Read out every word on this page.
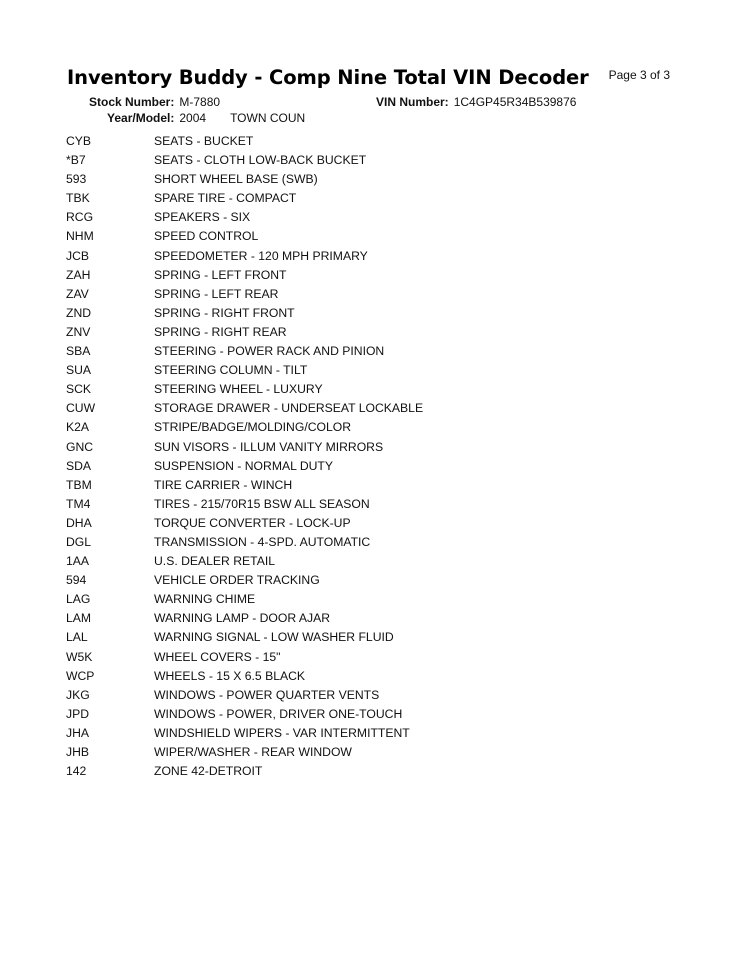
Inventory Buddy - Comp Nine Total VIN Decoder Page 3 of 3
Stock Number: M-7880	VIN Number: 1C4GP45R34B539876
Year/Model: 2004 TOWN COUN
CYB	SEATS - BUCKET
*B7	SEATS - CLOTH LOW-BACK BUCKET
593	SHORT WHEEL BASE (SWB)
TBK	SPARE TIRE - COMPACT
RCG	SPEAKERS - SIX
NHM	SPEED CONTROL
JCB	SPEEDOMETER - 120 MPH PRIMARY
ZAH	SPRING - LEFT FRONT
ZAV	SPRING - LEFT REAR
ZND	SPRING - RIGHT FRONT
ZNV	SPRING - RIGHT REAR
SBA	STEERING - POWER RACK AND PINION
SUA	STEERING COLUMN - TILT
SCK	STEERING WHEEL - LUXURY
CUW	STORAGE DRAWER - UNDERSEAT LOCKABLE
K2A	STRIPE/BADGE/MOLDING/COLOR
GNC	SUN VISORS - ILLUM VANITY MIRRORS
SDA	SUSPENSION - NORMAL DUTY
TBM	TIRE CARRIER - WINCH
TM4	TIRES - 215/70R15 BSW ALL SEASON
DHA	TORQUE CONVERTER - LOCK-UP
DGL	TRANSMISSION - 4-SPD. AUTOMATIC
1AA	U.S. DEALER RETAIL
594	VEHICLE ORDER TRACKING
LAG	WARNING CHIME
LAM	WARNING LAMP - DOOR AJAR
LAL	WARNING SIGNAL - LOW WASHER FLUID
W5K	WHEEL COVERS - 15"
WCP	WHEELS - 15 X 6.5 BLACK
JKG	WINDOWS - POWER QUARTER VENTS
JPD	WINDOWS - POWER, DRIVER ONE-TOUCH
JHA	WINDSHIELD WIPERS - VAR INTERMITTENT
JHB	WIPER/WASHER - REAR WINDOW
142	ZONE 42-DETROIT
